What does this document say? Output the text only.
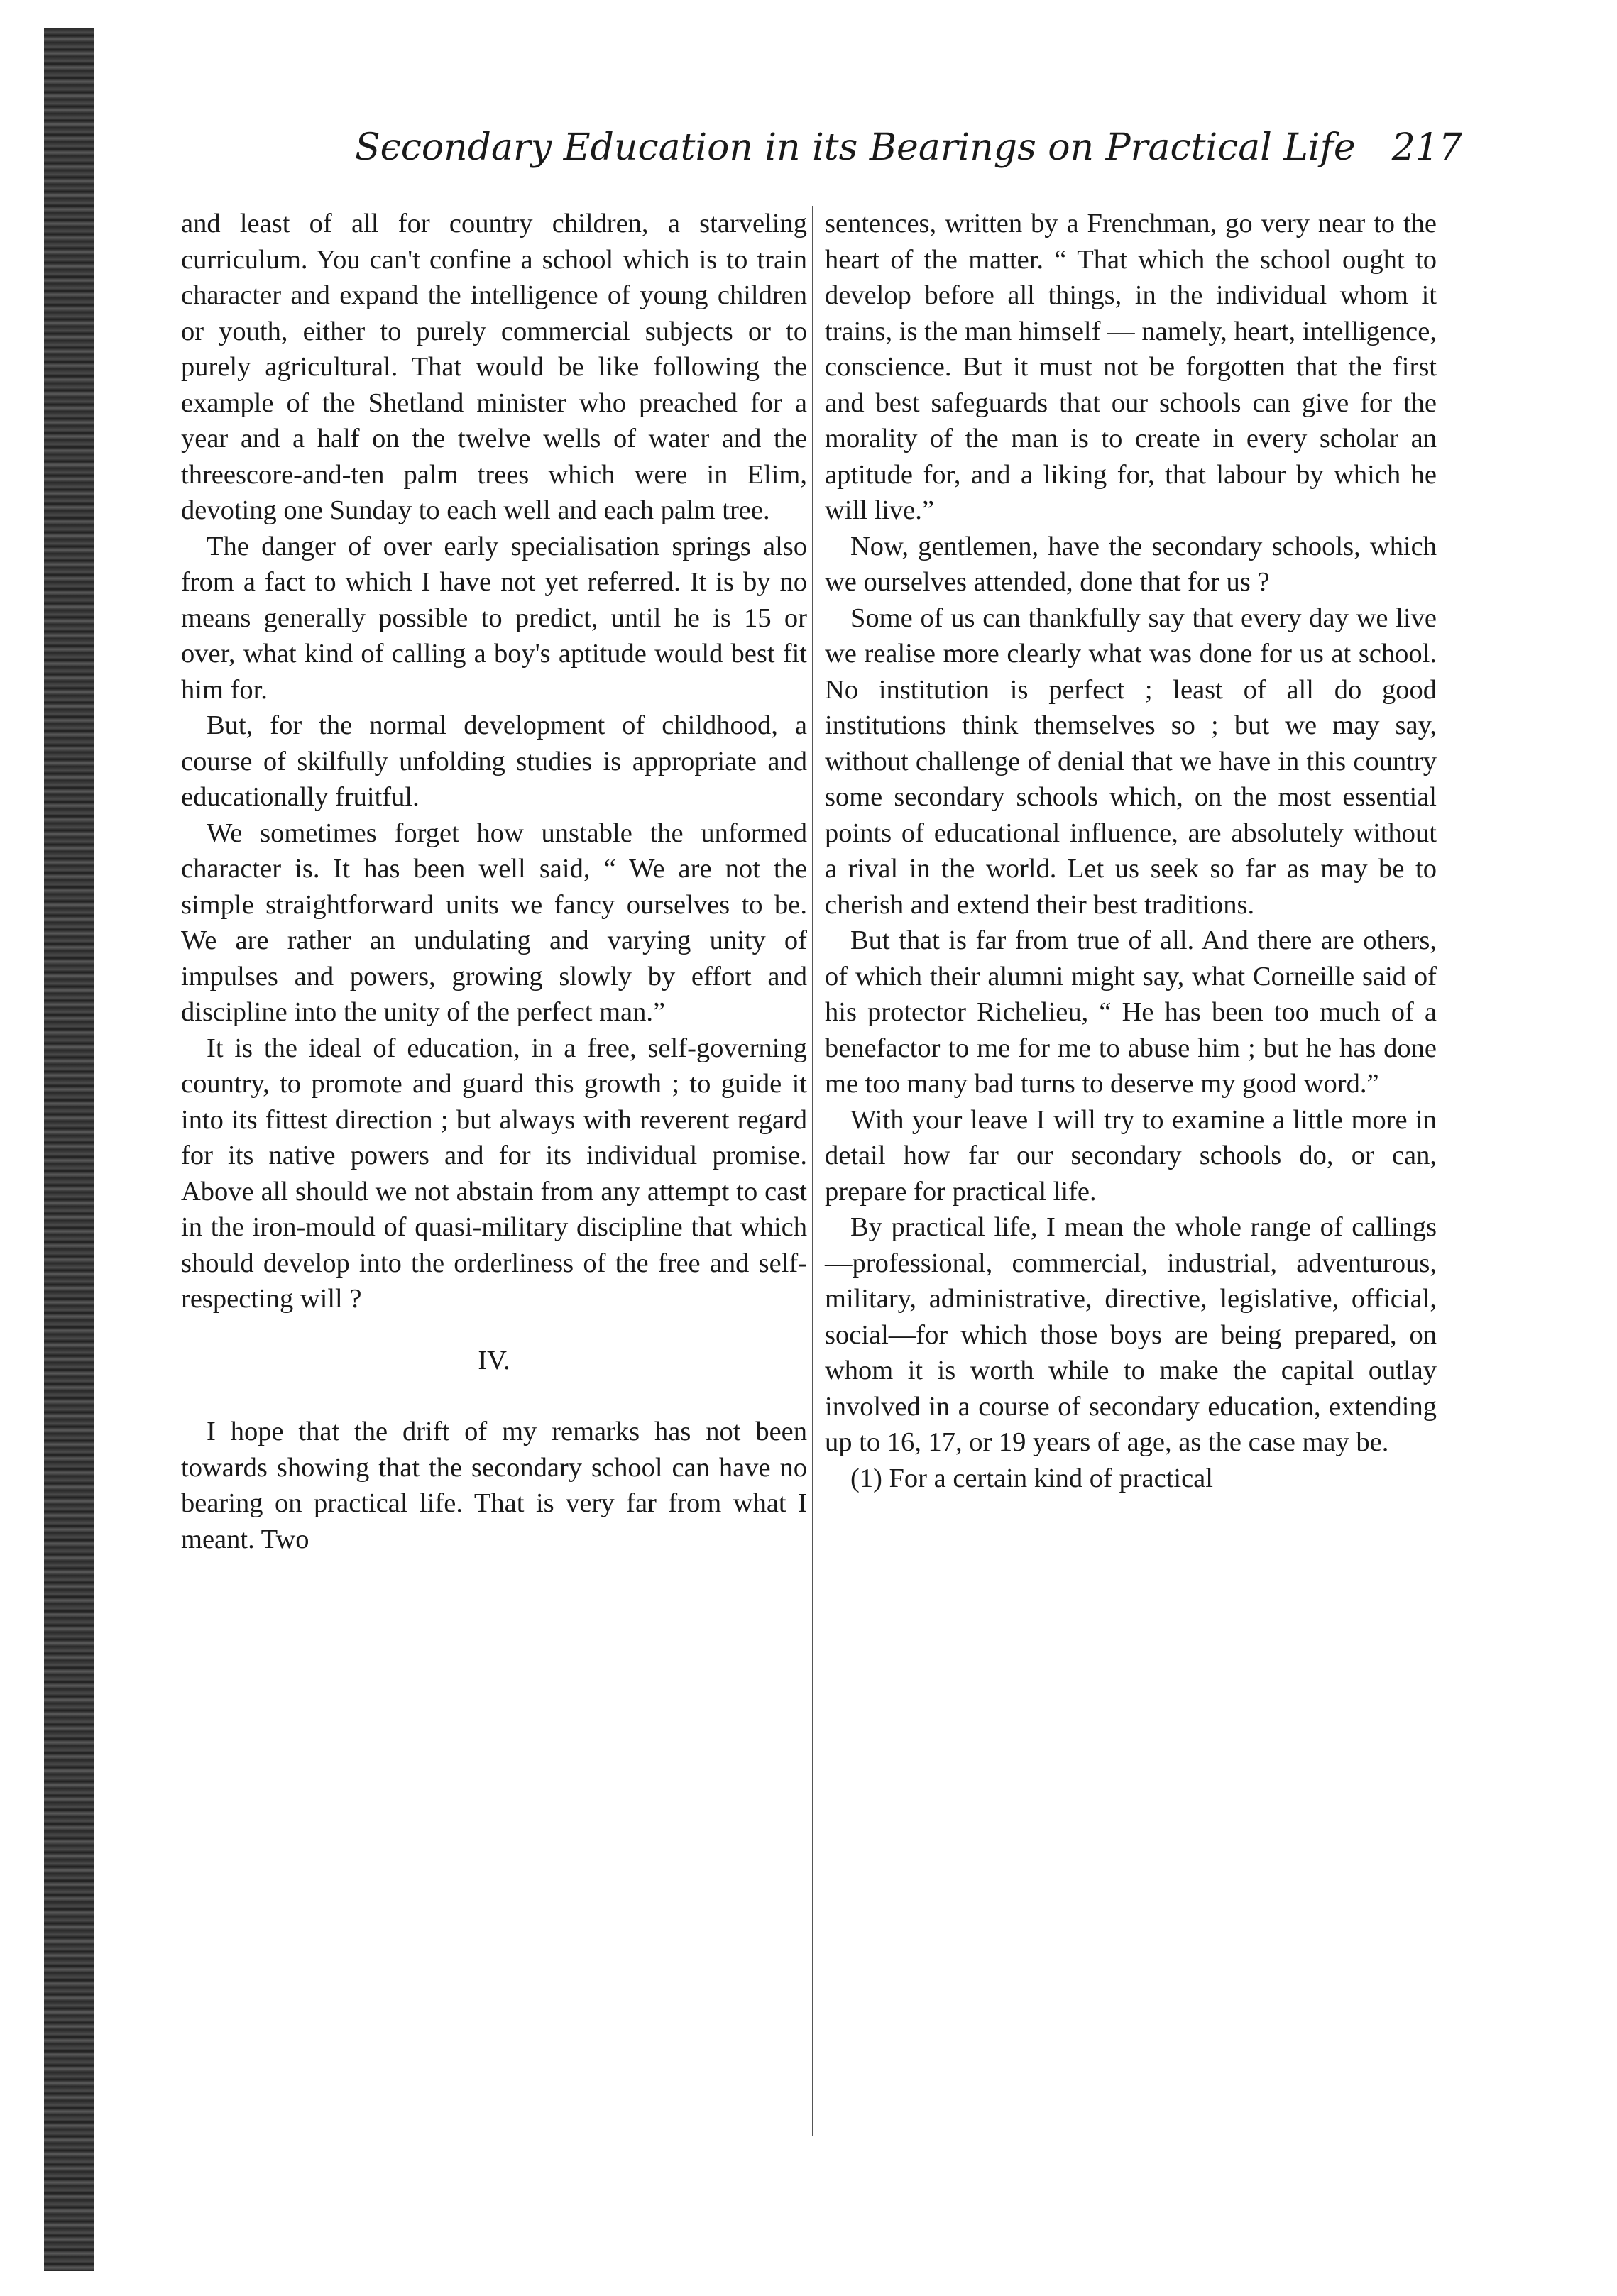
Sєcondary Education in its Bearings on Practical Life 217

and least of all for country children, a starveling curriculum. You can't confine a school which is to train character and expand the intelligence of young children or youth, either to purely commercial subjects or to purely agricultural. That would be like following the example of the Shetland minister who preached for a year and a half on the twelve wells of water and the threescore-and-ten palm trees which were in Elim, devoting one Sunday to each well and each palm tree.

The danger of over early specialisation springs also from a fact to which I have not yet referred. It is by no means generally possible to predict, until he is 15 or over, what kind of calling a boy's aptitude would best fit him for.

But, for the normal development of childhood, a course of skilfully unfolding studies is appropriate and educationally fruitful.

We sometimes forget how unstable the unformed character is. It has been well said, “ We are not the simple straightforward units we fancy ourselves to be. We are rather an undulating and varying unity of impulses and powers, growing slowly by effort and discipline into the unity of the perfect man.”

It is the ideal of education, in a free, self-governing country, to promote and guard this growth ; to guide it into its fittest direction ; but always with reverent regard for its native powers and for its individual promise. Above all should we not abstain from any attempt to cast in the iron-mould of quasi-military discipline that which should develop into the orderliness of the free and self-respecting will ?

IV.

I hope that the drift of my remarks has not been towards showing that the secondary school can have no bearing on practical life. That is very far from what I meant. Two

sentences, written by a Frenchman, go very near to the heart of the matter. “ That which the school ought to develop before all things, in the individual whom it trains, is the man himself — namely, heart, intelligence, conscience. But it must not be forgotten that the first and best safeguards that our schools can give for the morality of the man is to create in every scholar an aptitude for, and a liking for, that labour by which he will live.”

Now, gentlemen, have the secondary schools, which we ourselves attended, done that for us ?

Some of us can thankfully say that every day we live we realise more clearly what was done for us at school. No institution is perfect ; least of all do good institutions think themselves so ; but we may say, without challenge of denial that we have in this country some secondary schools which, on the most essential points of educational influence, are absolutely without a rival in the world. Let us seek so far as may be to cherish and extend their best traditions.

But that is far from true of all. And there are others, of which their alumni might say, what Corneille said of his protector Richelieu, “ He has been too much of a benefactor to me for me to abuse him ; but he has done me too many bad turns to deserve my good word.”

With your leave I will try to examine a little more in detail how far our secondary schools do, or can, prepare for practical life.

By practical life, I mean the whole range of callings—professional, commercial, industrial, adventurous, military, administrative, directive, legislative, official, social—for which those boys are being prepared, on whom it is worth while to make the capital outlay involved in a course of secondary education, extending up to 16, 17, or 19 years of age, as the case may be.

(1) For a certain kind of practical
